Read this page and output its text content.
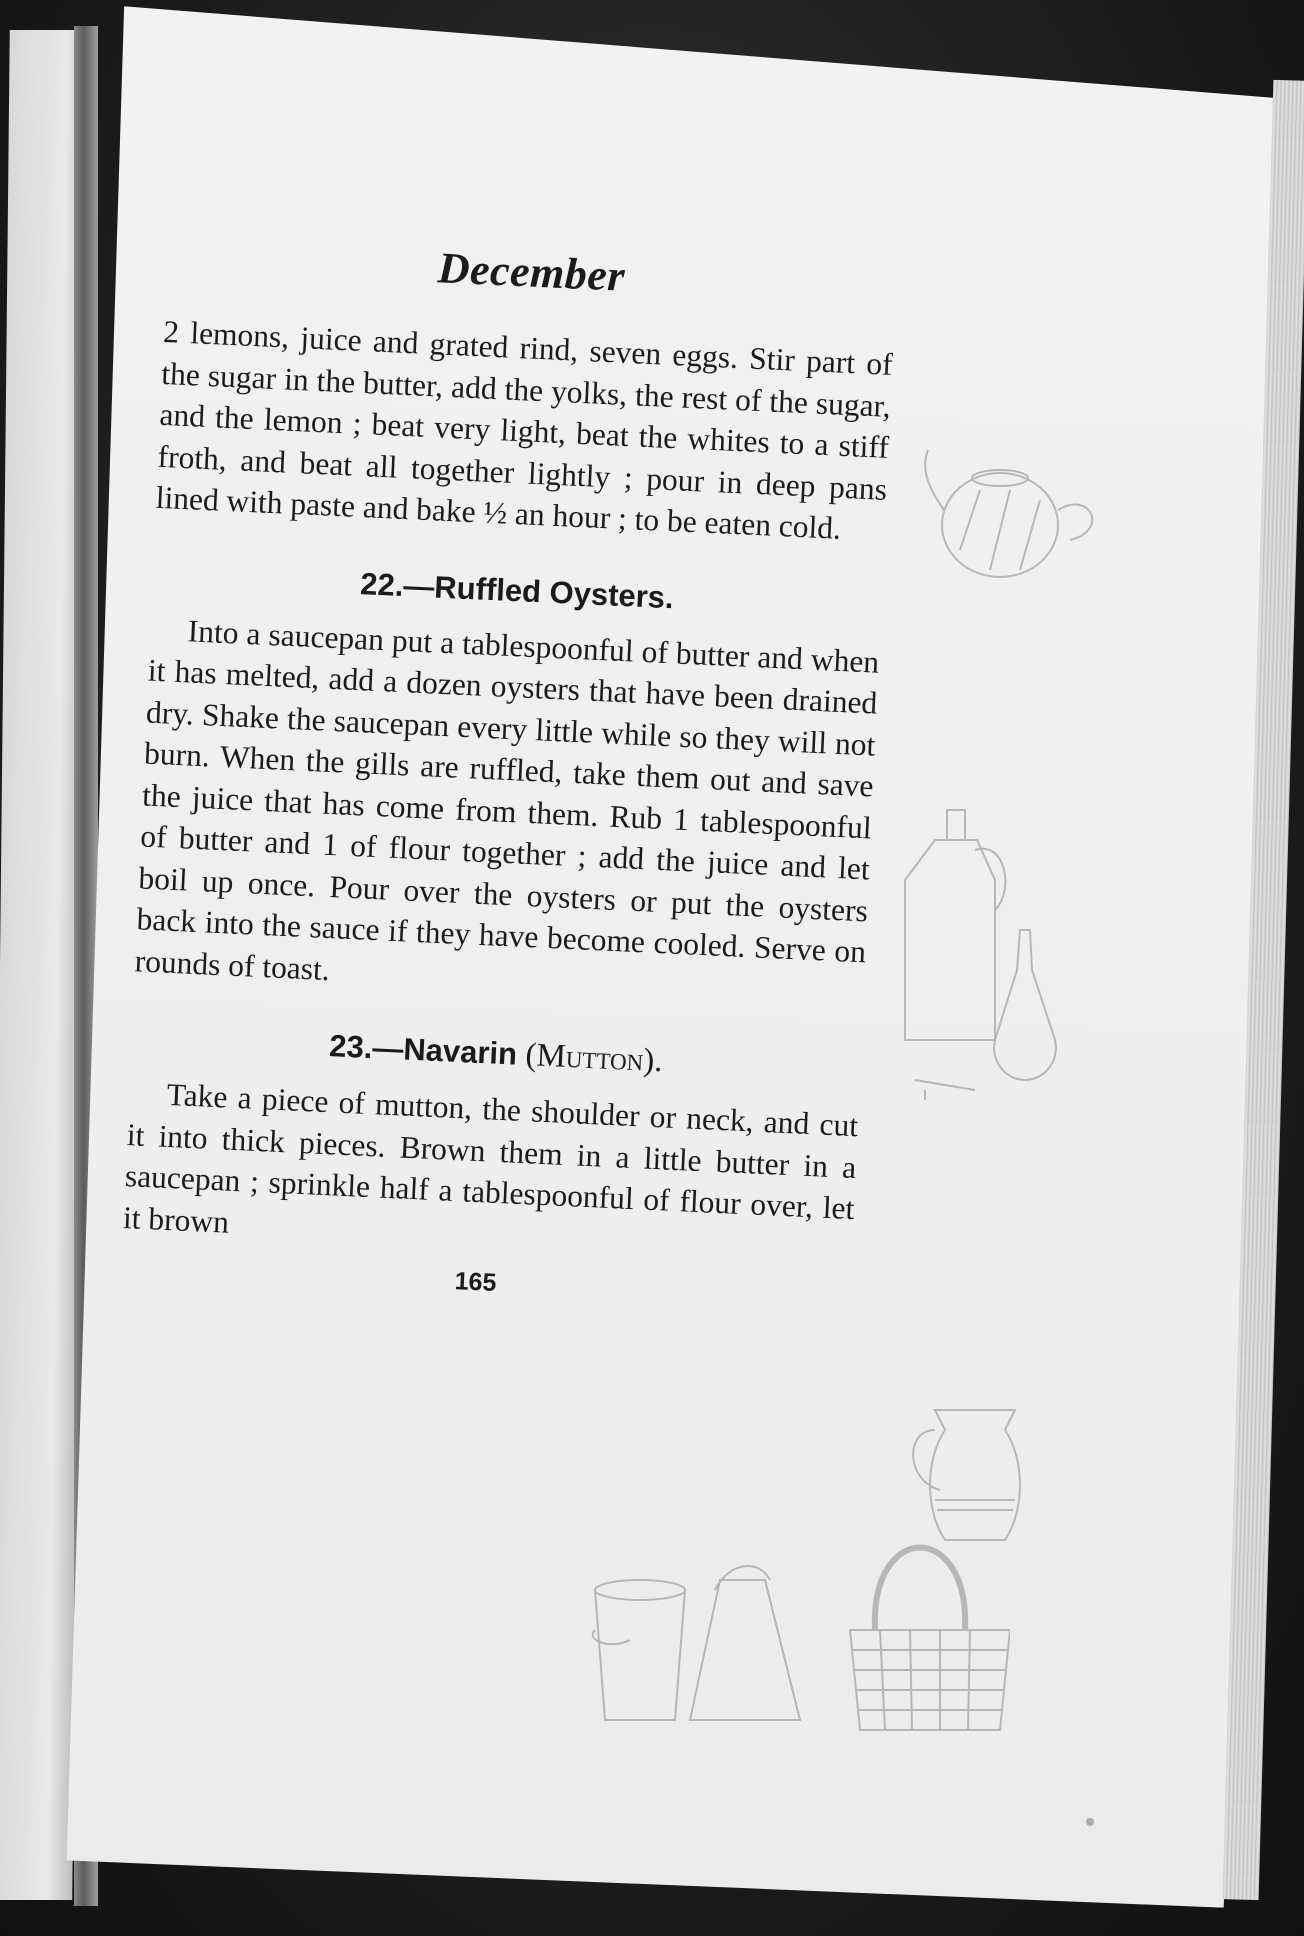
December

2 lemons, juice and grated rind, seven eggs. Stir part of the sugar in the butter, add the yolks, the rest of the sugar, and the lemon ; beat very light, beat the whites to a stiff froth, and beat all together lightly ; pour in deep pans lined with paste and bake ½ an hour ; to be eaten cold.

22.—Ruffled Oysters.

Into a saucepan put a tablespoonful of butter and when it has melted, add a dozen oysters that have been drained dry. Shake the saucepan every little while so they will not burn. When the gills are ruffled, take them out and save the juice that has come from them. Rub 1 tablespoonful of butter and 1 of flour together ; add the juice and let boil up once. Pour over the oysters or put the oysters back into the sauce if they have become cooled. Serve on rounds of toast.

23.—Navarin (Mutton).

Take a piece of mutton, the shoulder or neck, and cut it into thick pieces. Brown them in a little butter in a saucepan ; sprinkle half a tablespoonful of flour over, let it brown

165
